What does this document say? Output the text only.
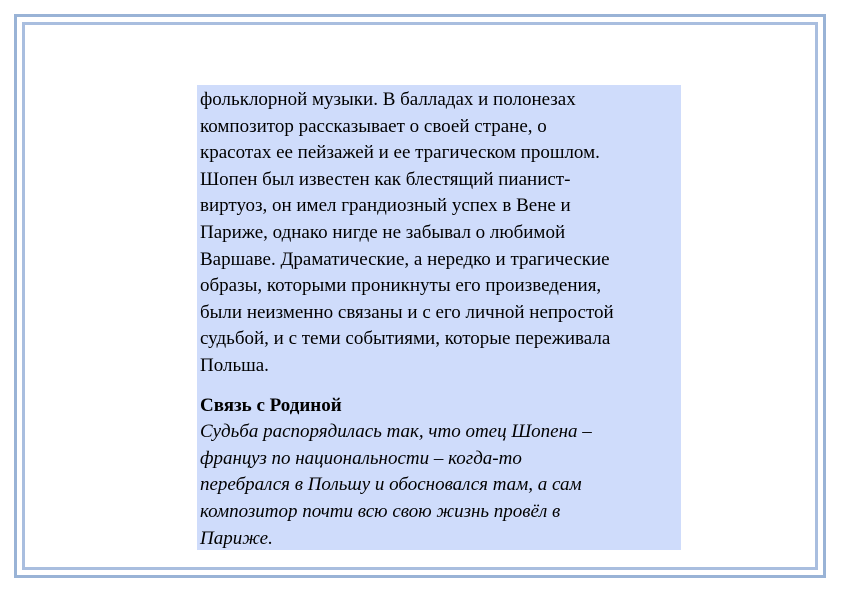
фольклорной музыки. В балладах и полонезах
композитор рассказывает о своей стране, о
красотах ее пейзажей и ее трагическом прошлом.
Шопен был известен как блестящий пианист-
виртуоз, он имел грандиозный успех в Вене и
Париже, однако нигде не забывал о любимой
Варшаве. Драматические, а нередко и трагические
образы, которыми проникнуты его произведения,
были неизменно связаны и с его личной непростой
судьбой, и с теми событиями, которые переживала
Польша.
Связь с Родиной
Судьба распорядилась так, что отец Шопена –
француз по национальности – когда-то
перебрался в Польшу и обосновался там, а сам
композитор почти всю свою жизнь провёл в
Париже.
